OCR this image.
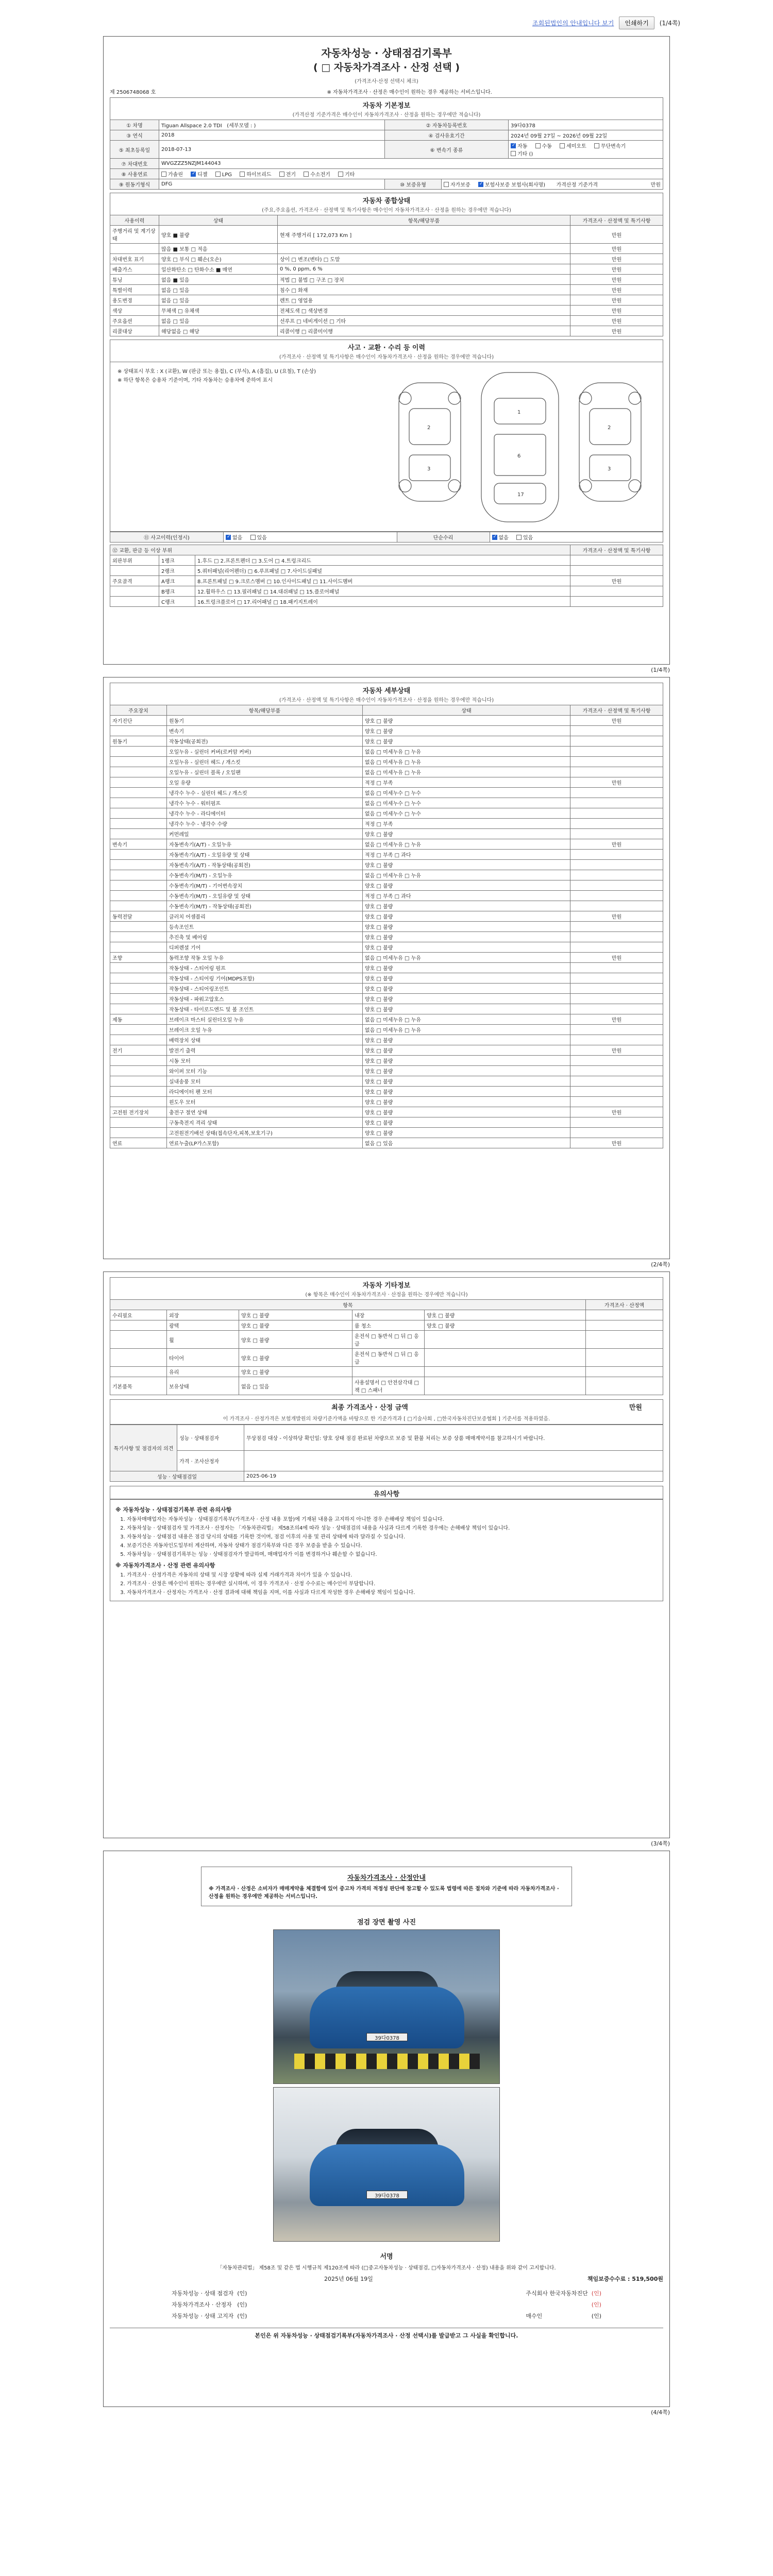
조회된법인의 안내입니다 보기	인쇄하기	(1/4쪽)
자동차성능 · 상태점검기록부
( □ 자동차가격조사 · 산정 선택 )
(가격조사·산정 선택시 체크)
제 2506748068 호	※ 자동차가격조사 · 산정은 매수인이 원하는 경우 제공하는 서비스입니다.
자동차 기본정보
(가격산정 기준가격은 매수인이 자동차가격조사 · 산정을 원하는 경우에만 적습니다)
① 차명	Tiguan Allspace 2.0 TDI (세부모델 : )	② 자동차등록번호		39다0378
③ 연식	2018	④ 검사유효기간		2024년 09월 27일 ~ 2026년 09월 22일
⑤ 최초등록일	2018-07-13	⑥ 변속기 종류	✓자동 수동 세미오토 무단변속기 기타 ()
⑦ 차대번호	WVGZZZ5NZJM144043			
⑧ 사용연료	가솔린 ✓ 디젤 LPG 하이브리드 전기 수소전기 기타
⑨ 원동기형식	DFG	⑩ 보증유형	자가보증 ✓ 보험사보증 보험사(회사명) 가격산정 기준가격 만원
자동차 종합상태
(주요,주요옵션, 가격조사 · 산정액 및 특기사항은 매수인이 자동차가격조사 · 산정을 원하는 경우에만 적습니다)
사용이력	상태	항목/해당부품	가격조사 · 산정액 및 특기사항
주행거리 및 계기상태	양호 ■ 불량	현재 주행거리 [ 172,073 Km ]	만원
	많음 ■ 보통 □ 적음		만원
차대번호 표기	양호 □ 부식 □ 훼손(오손)	상이 □ 변조(변타) □ 도말	만원
배출가스	일산화탄소 □ 탄화수소 ■ 매연	0 %, 0 ppm, 6 %	만원
튜닝	없음 ■ 있음	적법 □ 불법 □ 구조 □ 장치	만원
특별이력	없음 □ 있음	침수 □ 화재	만원
용도변경	없음 □ 있음	렌트 □ 영업용	만원
색상	무채색 □ 유채색	전체도색 □ 색상변경	만원
주요옵션	없음 □ 있음	선루프 □ 네비게이션 □ 기타	만원
리콜대상	해당없음 □ 해당	리콜이행 □ 리콜미이행	만원
사고 · 교환 · 수리 등 이력
(가격조사 · 산정액 및 특기사항은 매수인이 자동차가격조사 · 산정을 원하는 경우에만 적습니다)
※ 상태표시 부호 : X (교환), W (판금 또는 용접), C (부식), A (흠집), U (요철), T (손상)
※ 하단 항목은 승용차 기준이며, 기타 자동차는 승용차에 준하여 표시
1
6
17
2
3
2
3
⑪ 사고이력(인정시)	✓없음	있음	단순수리	✓없음	있음
⑫ 교환, 판금 등 이상 부위			가격조사 · 산정액 및 특기사항
외판부위	1랭크	1.후드 □ 2.프론트펜더 □ 3.도어 □ 4.트렁크리드	
	2랭크	5.쿼터패널(리어펜더) □ 6.루프패널 □ 7.사이드실패널	
주요골격	A랭크	8.프론트패널 □ 9.크로스멤버 □ 10.인사이드패널 □ 11.사이드멤버	만원
	B랭크	12.휠하우스 □ 13.필러패널 □ 14.대쉬패널 □ 15.플로어패널	
	C랭크	16.트렁크플로어 □ 17.리어패널 □ 18.패키지트레이	
(1/4쪽)
자동차 세부상태
(가격조사 · 산정액 및 특기사항은 매수인이 자동차가격조사 · 산정을 원하는 경우에만 적습니다)
주요장치	항목/해당부품	상태	가격조사 · 산정액 및 특기사항
자기진단	원동기	양호 □ 불량	만원
	변속기	양호 □ 불량	
원동기	작동상태(공회전)	양호 □ 불량	
	오일누유 - 실린더 커버(로커암 커버)	없음 □ 미세누유 □ 누유	
	오일누유 - 실린더 헤드 / 개스킷	없음 □ 미세누유 □ 누유	
	오일누유 - 실린더 블록 / 오일팬	없음 □ 미세누유 □ 누유	
	오일 유량	적정 □ 부족	만원
	냉각수 누수 - 실린더 헤드 / 개스킷	없음 □ 미세누수 □ 누수	
	냉각수 누수 - 워터펌프	없음 □ 미세누수 □ 누수	
	냉각수 누수 - 라디에이터	없음 □ 미세누수 □ 누수	
	냉각수 누수 - 냉각수 수량	적정 □ 부족	
	커먼레일	양호 □ 불량	
변속기	자동변속기(A/T) - 오일누유	없음 □ 미세누유 □ 누유	만원
	자동변속기(A/T) - 오일유량 및 상태	적정 □ 부족 □ 과다	
	자동변속기(A/T) - 작동상태(공회전)	양호 □ 불량	
	수동변속기(M/T) - 오일누유	없음 □ 미세누유 □ 누유	
	수동변속기(M/T) - 기어변속장치	양호 □ 불량	
	수동변속기(M/T) - 오일유량 및 상태	적정 □ 부족 □ 과다	
	수동변속기(M/T) - 작동상태(공회전)	양호 □ 불량	
동력전달	클러치 어셈블리	양호 □ 불량	만원
	등속조인트	양호 □ 불량	
	추진축 및 베어링	양호 □ 불량	
	디퍼렌셜 기어	양호 □ 불량	
조향	동력조향 작동 오일 누유	없음 □ 미세누유 □ 누유	만원
	작동상태 - 스티어링 펌프	양호 □ 불량	
	작동상태 - 스티어링 기어(MDPS포함)	양호 □ 불량	
	작동상태 - 스티어링조인트	양호 □ 불량	
	작동상태 - 파워고압호스	양호 □ 불량	
	작동상태 - 타이로드엔드 및 볼 조인트	양호 □ 불량	
제동	브레이크 마스터 실린더오일 누유	없음 □ 미세누유 □ 누유	만원
	브레이크 오일 누유	없음 □ 미세누유 □ 누유	
	배력장치 상태	양호 □ 불량	
전기	발전기 출력	양호 □ 불량	만원
	시동 모터	양호 □ 불량	
	와이퍼 모터 기능	양호 □ 불량	
	실내송풍 모터	양호 □ 불량	
	라디에이터 팬 모터	양호 □ 불량	
	윈도우 모터	양호 □ 불량	
고전원 전기장치	충전구 절연 상태	양호 □ 불량	만원
	구동축전지 격리 상태	양호 □ 불량	
	고전원전기배선 상태(접속단자,피복,보호기구)	양호 □ 불량	
연료	연료누출(LP가스포함)	없음 □ 있음	만원
(2/4쪽)
자동차 기타정보
(※ 항목은 매수인이 자동차가격조사 · 산정을 원하는 경우에만 적습니다)
항목					가격조사 · 산정액
수리필요	외장	양호 □ 불량	내장	양호 □ 불량	
	광택	양호 □ 불량	룸 청소	양호 □ 불량	
	휠	양호 □ 불량	운전석 □ 동반석 □ 뒤 □ 응급		
	타이어	양호 □ 불량	운전석 □ 동반석 □ 뒤 □ 응급		
	유리	양호 □ 불량			
기본품목	보유상태	없음 □ 있음	사용설명서 □ 안전삼각대 □ 잭 □ 스패너		
최종 가격조사 · 산정 금액	만원
이 가격조사 · 산정가격은 보험개발원의 차량기준가액을 바탕으로 한 기준가격과 [ □기술사회 , □한국자동차진단보증협회 ] 기준서를 적용하였음.
특기사항 및 점검자의 의견	성능 · 상태점검자	무상점검 대상 - 이상하당 확인일: 양호 상태 점검 완료된 차량으로 보증 및 환불 처리는 보증 상품 매매계약서를 참고하시기 바랍니다.
	가격 · 조사산정자	
성능 · 상태점검일		2025-06-19
유의사항
※ 자동차성능 · 상태점검기록부 관련 유의사항
1. 자동차매매업자는 자동차성능 · 상태점검기록부(가격조사 · 산정 내용 포함)에 기재된 내용을 고지하지 아니한 경우 손해배상 책임이 있습니다.
2. 자동차성능 · 상태점검자 및 가격조사 · 산정자는 「자동차관리법」 제58조의4에 따라 성능 · 상태점검의 내용을 사실과 다르게 기록한 경우에는 손해배상 책임이 있습니다.
3. 자동차성능 · 상태점검 내용은 점검 당시의 상태를 기록한 것이며, 점검 이후의 사용 및 관리 상태에 따라 달라질 수 있습니다.
4. 보증기간은 자동차인도일부터 계산하며, 자동차 상태가 점검기록부와 다른 경우 보증을 받을 수 있습니다.
5. 자동차성능 · 상태점검기록부는 성능 · 상태점검자가 발급하며, 매매업자가 이를 변경하거나 훼손할 수 없습니다.
※ 자동차가격조사 · 산정 관련 유의사항
1. 가격조사 · 산정가격은 자동차의 상태 및 시장 상황에 따라 실제 거래가격과 차이가 있을 수 있습니다.
2. 가격조사 · 산정은 매수인이 원하는 경우에만 실시하며, 이 경우 가격조사 · 산정 수수료는 매수인이 부담합니다.
3. 자동차가격조사 · 산정자는 가격조사 · 산정 결과에 대해 책임을 지며, 이를 사실과 다르게 작성한 경우 손해배상 책임이 있습니다.
(3/4쪽)
자동차가격조사 · 산정안내
※ 가격조사 · 산정은 소비자가 매매계약을 체결함에 있어 중고차 가격의 적정성 판단에 참고할 수 있도록 법령에 따른 절차와 기준에 따라 자동차가격조사 · 산정을 원하는 경우에만 제공하는 서비스입니다.
점검 장면 촬영 사진
39다0378
39다0378
서명
「자동차관리법」 제58조 및 같은 법 시행규칙 제120조에 따라 (□중고자동차성능 · 상태점검, □자동차가격조사 · 산정) 내용을 위와 같이 고지합니다.
2025년 06월 19일	책임보증수수료 : 519,500원
자동차성능 · 상태 점검자
(인)
자동차가격조사 · 산정자
(인)
자동차성능 · 상태 고지자
(인)
주식회사 한국자동차진단
(인)

(인)
매수인
	(인)
본인은 위 자동차성능 · 상태점검기록부(자동차가격조사 · 산정 선택시)를 발급받고 그 사실을 확인합니다.
(4/4쪽)
